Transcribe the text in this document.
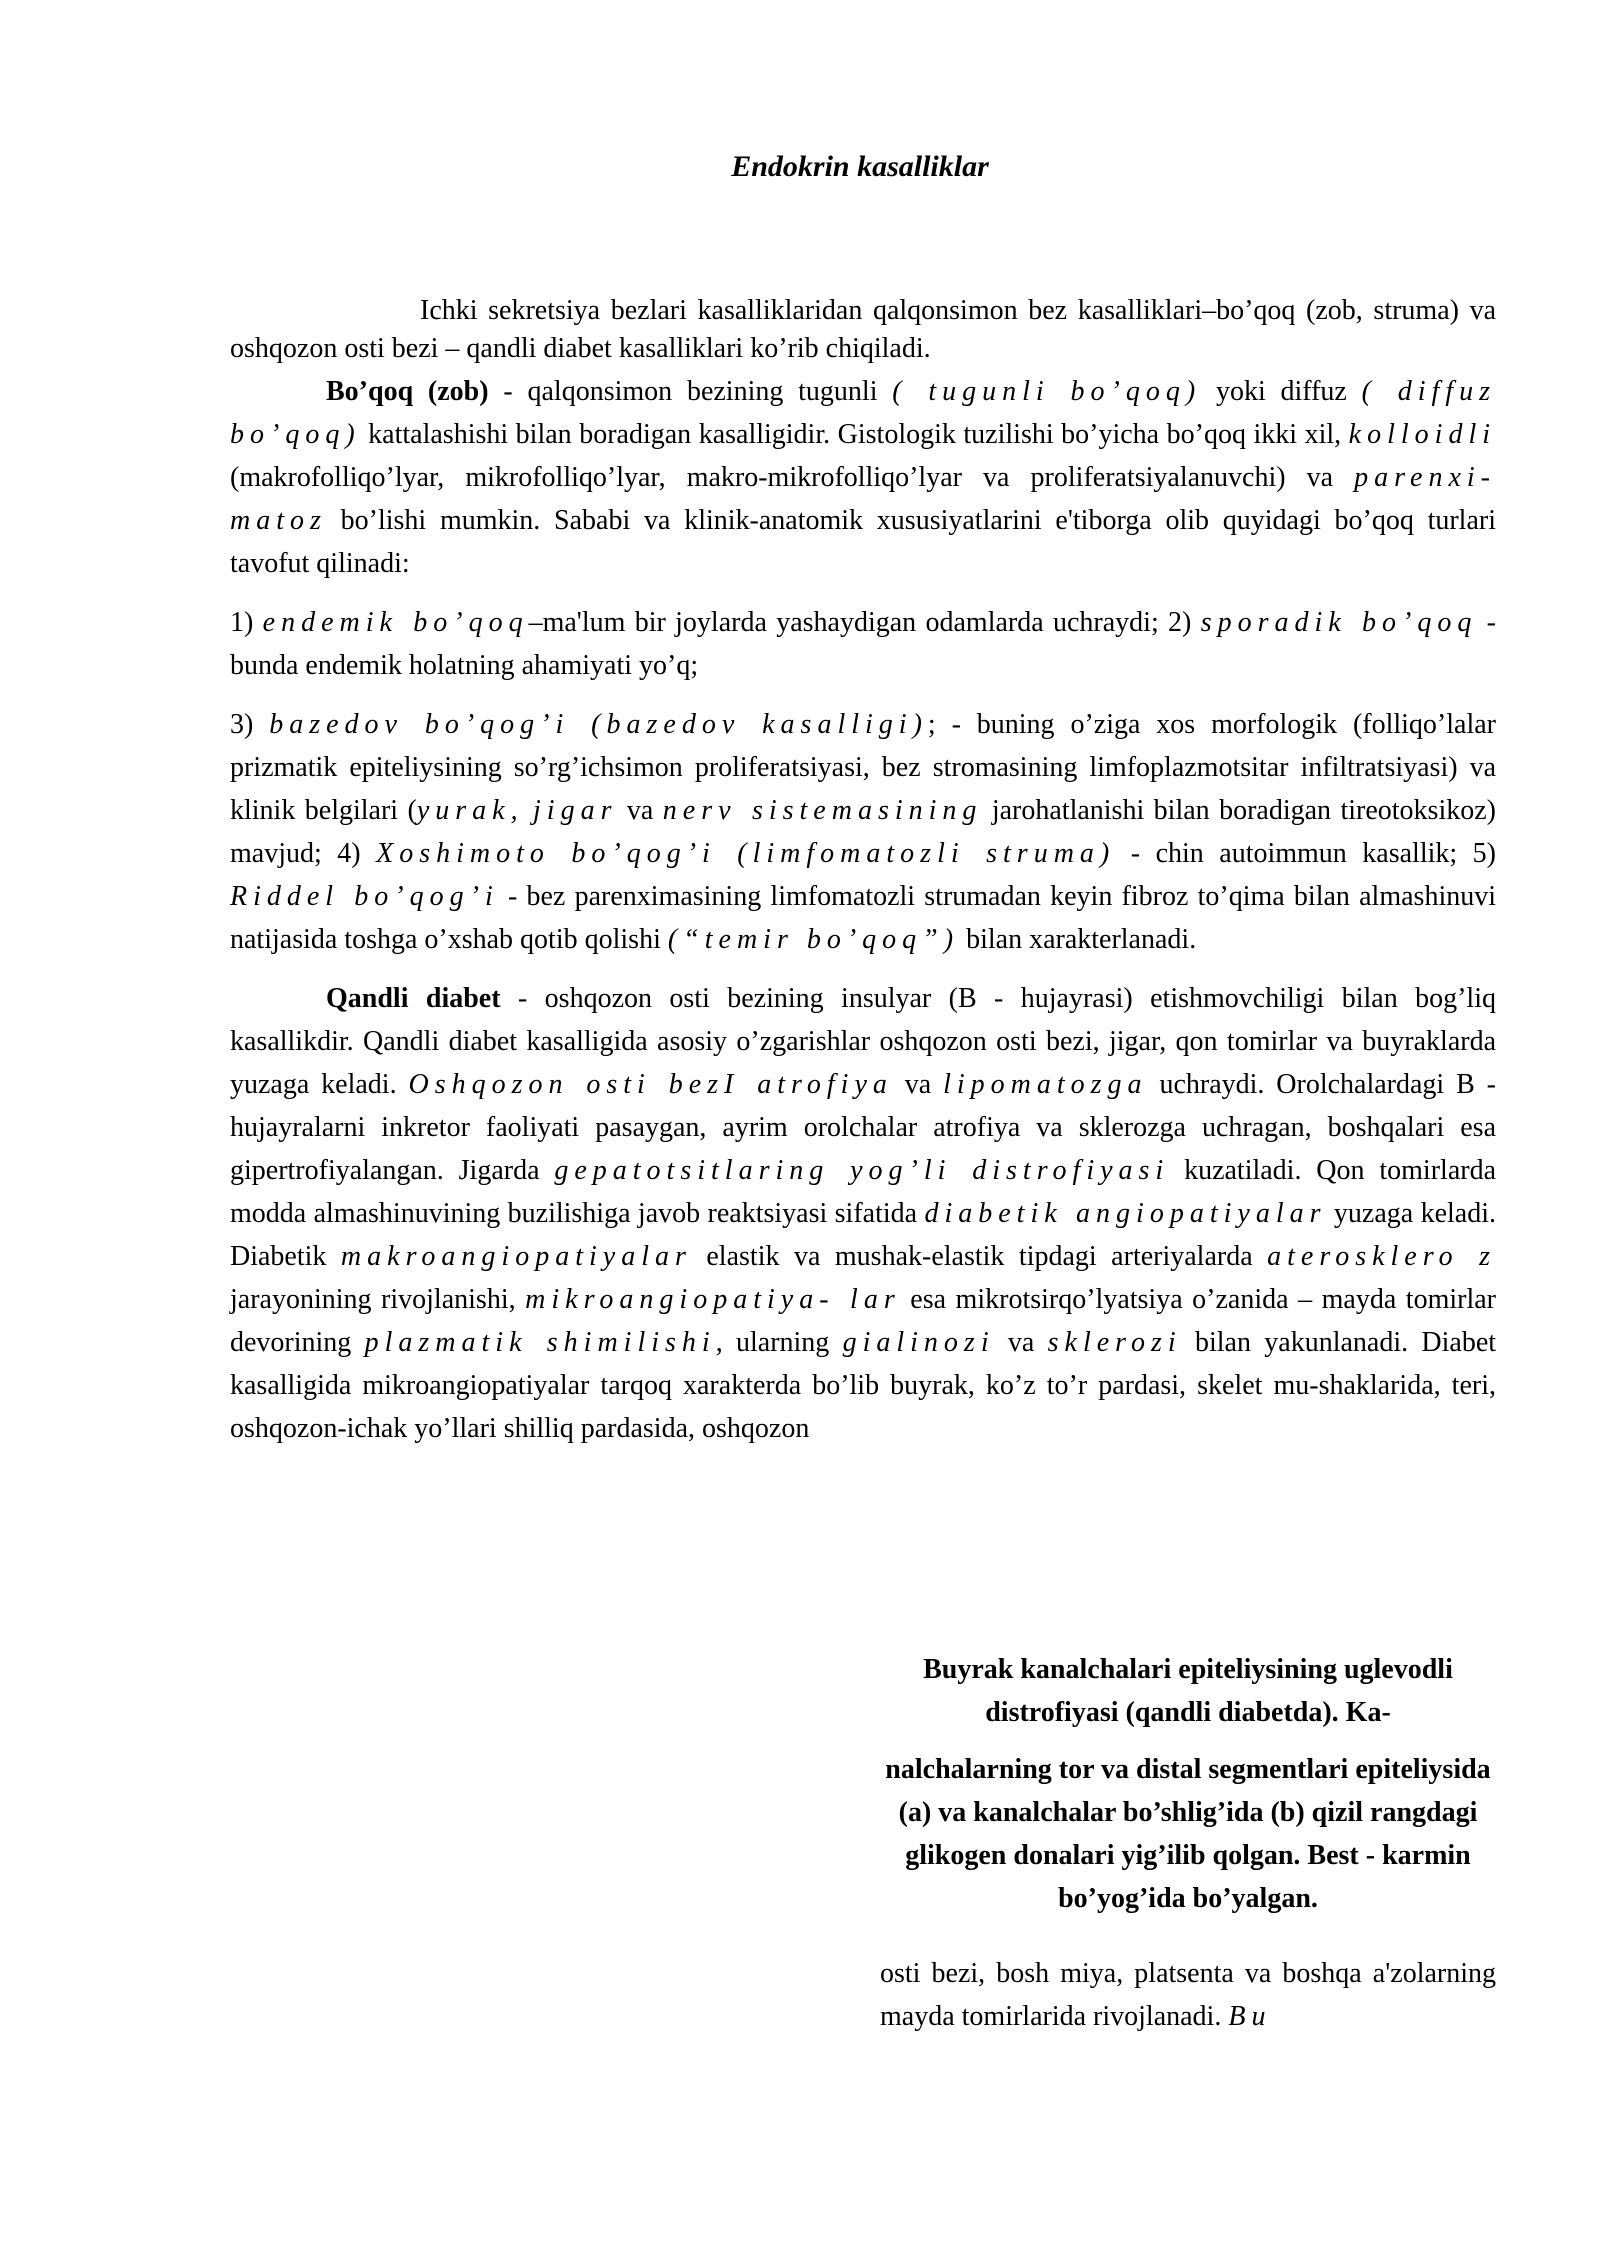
Endokrin kasalliklar

Ichki sekretsiya bezlari kasalliklaridan qalqonsimon bez kasalliklari–bo’qoq (zob, struma) va oshqozon osti bezi – qandli diabet kasalliklari ko’rib chiqiladi.

Bo’qoq (zob) - qalqonsimon bezining tugunli ( tugunli bo’qoq) yoki diffuz ( diffuz bo’qoq) kattalashishi bilan boradigan kasalligidir. Gistologik tuzilishi bo’yicha bo’qoq ikki xil, kolloidli (makrofolliqo’lyar, mikrofolliqo’lyar, makro-mikrofolliqo’lyar va proliferatsiyalanuvchi) va parenxi- matoz bo’lishi mumkin. Sababi va klinik-anatomik xususiyatlarini e'tiborga olib quyidagi bo’qoq turlari tavofut qilinadi:

1) endemik bo’qoq–ma'lum bir joylarda yashaydigan odamlarda uchraydi; 2) sporadik bo’qoq - bunda endemik holatning ahamiyati yo’q;

3) bazedov bo’qog’i (bazedov kasalligi); - buning o’ziga xos morfologik (folliqo’lalar prizmatik epiteliysining so’rg’ichsimon proliferatsiyasi, bez stromasining limfoplazmotsitar infiltratsiyasi) va klinik belgilari (yurak, jigar va nerv sistemasining jarohatlanishi bilan boradigan tireotoksikoz) mavjud; 4) Xoshimoto bo’qog’i (limfomatozli struma) - chin autoimmun kasallik; 5) Riddel bo’qog’i - bez parenximasining limfomatozli strumadan keyin fibroz to’qima bilan almashinuvi natijasida toshga o’xshab qotib qolishi (“temir bo’qoq”) bilan xarakterlanadi.

Qandli diabet - oshqozon osti bezining insulyar (B - hujayrasi) etishmovchiligi bilan bog’liq kasallikdir. Qandli diabet kasalligida asosiy o’zgarishlar oshqozon osti bezi, jigar, qon tomirlar va buyraklarda yuzaga keladi. Oshqozon osti bezI atrofiya va lipomatozga uchraydi. Orolchalardagi B - hujayralarni inkretor faoliyati pasaygan, ayrim orolchalar atrofiya va sklerozga uchragan, boshqalari esa gipertrofiyalangan. Jigarda gepatotsitlaring yog’li distrofiyasi kuzatiladi. Qon tomirlarda modda almashinuvining buzilishiga javob reaktsiyasi sifatida diabetik angiopatiyalar yuzaga keladi. Diabetik makroangiopatiyalar elastik va mushak-elastik tipdagi arteriyalarda aterosklero z jarayonining rivojlanishi, mikroangiopatiya- lar esa mikrotsirqo’lyatsiya o’zanida – mayda tomirlar devorining plazmatik shimilishi, ularning gialinozi va sklerozi bilan yakunlanadi. Diabet kasalligida mikroangiopatiyalar tarqoq xarakterda bo’lib buyrak, ko’z to’r pardasi, skelet mu-shaklarida, teri, oshqozon-ichak yo’llari shilliq pardasida, oshqozon

Buyrak kanalchalari epiteliysining uglevodli distrofiyasi (qandli diabetda). Ka-

nalchalarning tor va distal segmentlari epiteliysida (a) va kanalchalar bo’shlig’ida (b) qizil rangdagi glikogen donalari yig’ilib qolgan. Best - karmin bo’yog’ida bo’yalgan.

osti bezi, bosh miya, platsenta va boshqa a'zolarning mayda tomirlarida rivojlanadi. Bu
